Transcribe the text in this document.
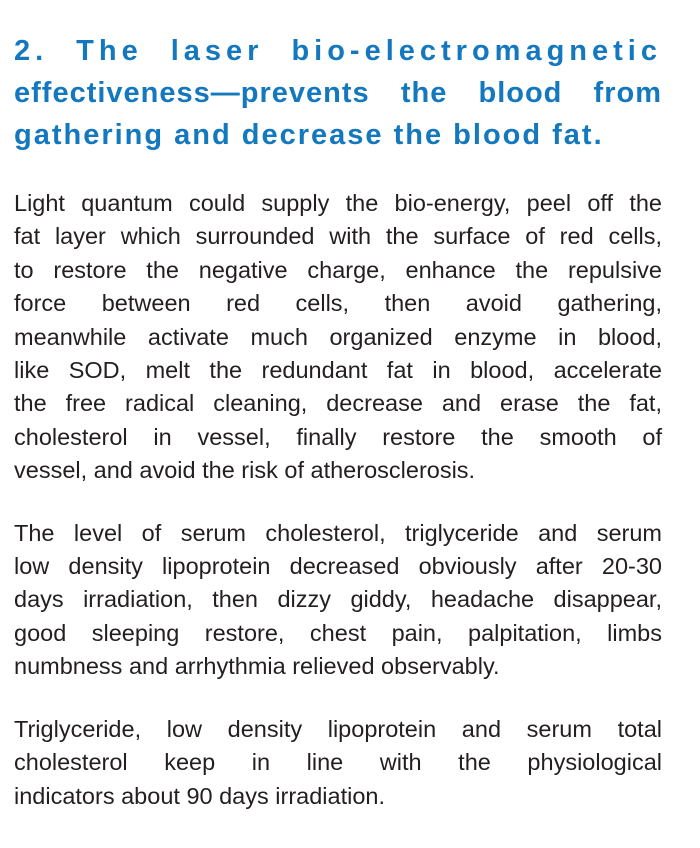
2. The laser bio-electromagnetic
effectiveness—prevents the blood from
gathering and decrease the blood fat.

Light quantum could supply the bio-energy, peel off the
fat layer which surrounded with the surface of red cells,
to restore the negative charge, enhance the repulsive
force between red cells, then avoid gathering,
meanwhile activate much organized enzyme in blood,
like SOD, melt the redundant fat in blood, accelerate
the free radical cleaning, decrease and erase the fat,
cholesterol in vessel, finally restore the smooth of
vessel, and avoid the risk of atherosclerosis.

The level of serum cholesterol, triglyceride and serum
low density lipoprotein decreased obviously after 20-30
days irradiation, then dizzy giddy, headache disappear,
good sleeping restore, chest pain, palpitation, limbs
numbness and arrhythmia relieved observably.

Triglyceride, low density lipoprotein and serum total
cholesterol keep in line with the physiological
indicators about 90 days irradiation.
